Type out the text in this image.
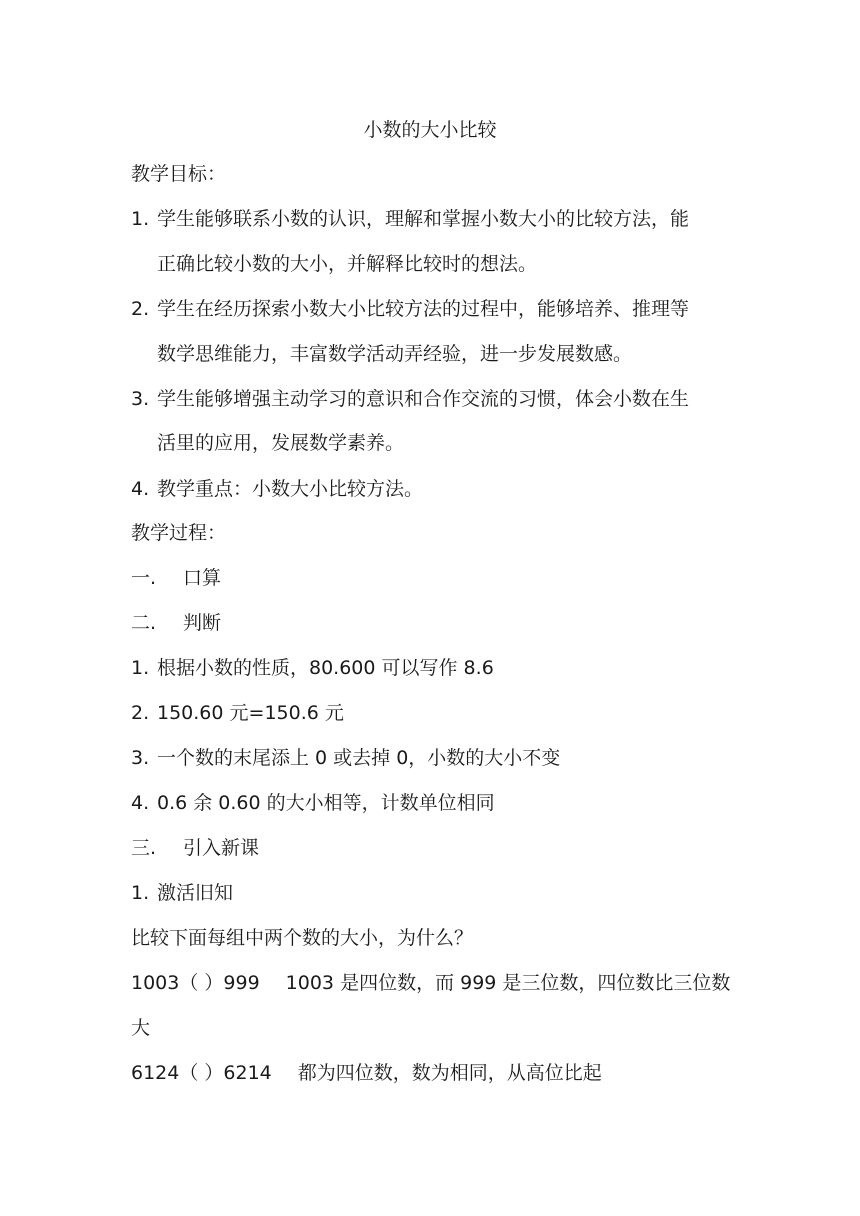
小数的大小比较
教学目标：
1. 学生能够联系小数的认识，理解和掌握小数大小的比较方法，能
正确比较小数的大小，并解释比较时的想法。
2. 学生在经历探索小数大小比较方法的过程中，能够培养、推理等
数学思维能力，丰富数学活动弄经验，进一步发展数感。
3. 学生能够增强主动学习的意识和合作交流的习惯，体会小数在生
活里的应用，发展数学素养。
4. 教学重点：小数大小比较方法。
教学过程：
一. 口算
二. 判断
1. 根据小数的性质，80.600 可以写作 8.6
2. 150.60 元=150.6 元
3. 一个数的末尾添上 0 或去掉 0，小数的大小不变
4. 0.6 余 0.60 的大小相等，计数单位相同
三. 引入新课
1. 激活旧知
比较下面每组中两个数的大小，为什么？
1003（ ）999 1003 是四位数，而 999 是三位数，四位数比三位数
大
6124（ ）6214 都为四位数，数为相同，从高位比起
